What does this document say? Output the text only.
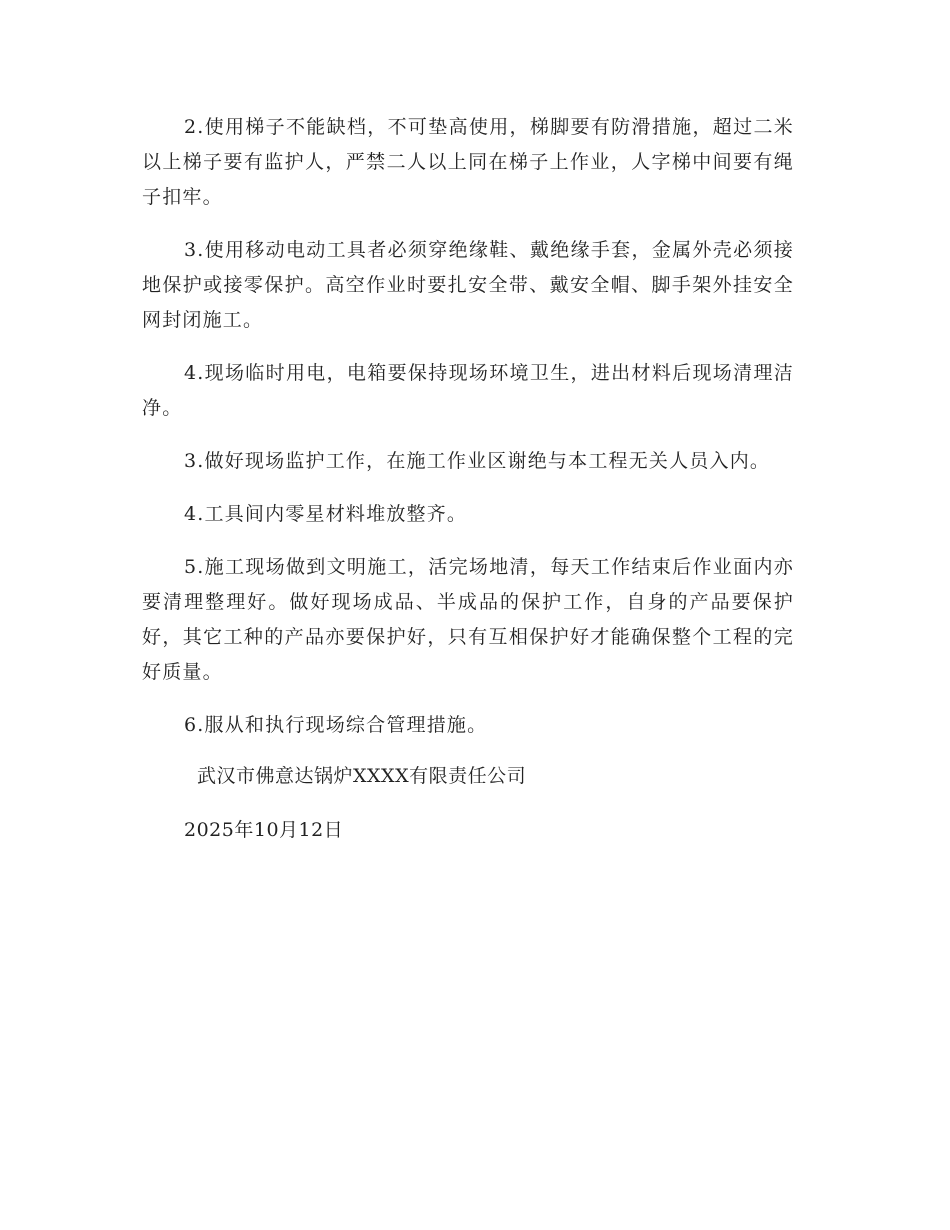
2.使用梯子不能缺档，不可垫高使用，梯脚要有防滑措施，超过二米以上梯子要有监护人，严禁二人以上同在梯子上作业，人字梯中间要有绳子扣牢。

3.使用移动电动工具者必须穿绝缘鞋、戴绝缘手套，金属外壳必须接地保护或接零保护。高空作业时要扎安全带、戴安全帽、脚手架外挂安全网封闭施工。

4.现场临时用电，电箱要保持现场环境卫生，进出材料后现场清理洁净。

3.做好现场监护工作，在施工作业区谢绝与本工程无关人员入内。

4.工具间内零星材料堆放整齐。

5.施工现场做到文明施工，活完场地清，每天工作结束后作业面内亦要清理整理好。做好现场成品、半成品的保护工作，自身的产品要保护好，其它工种的产品亦要保护好，只有互相保护好才能确保整个工程的完好质量。

6.服从和执行现场综合管理措施。

武汉市佛意达锅炉XXXX有限责任公司

2025年10月12日
